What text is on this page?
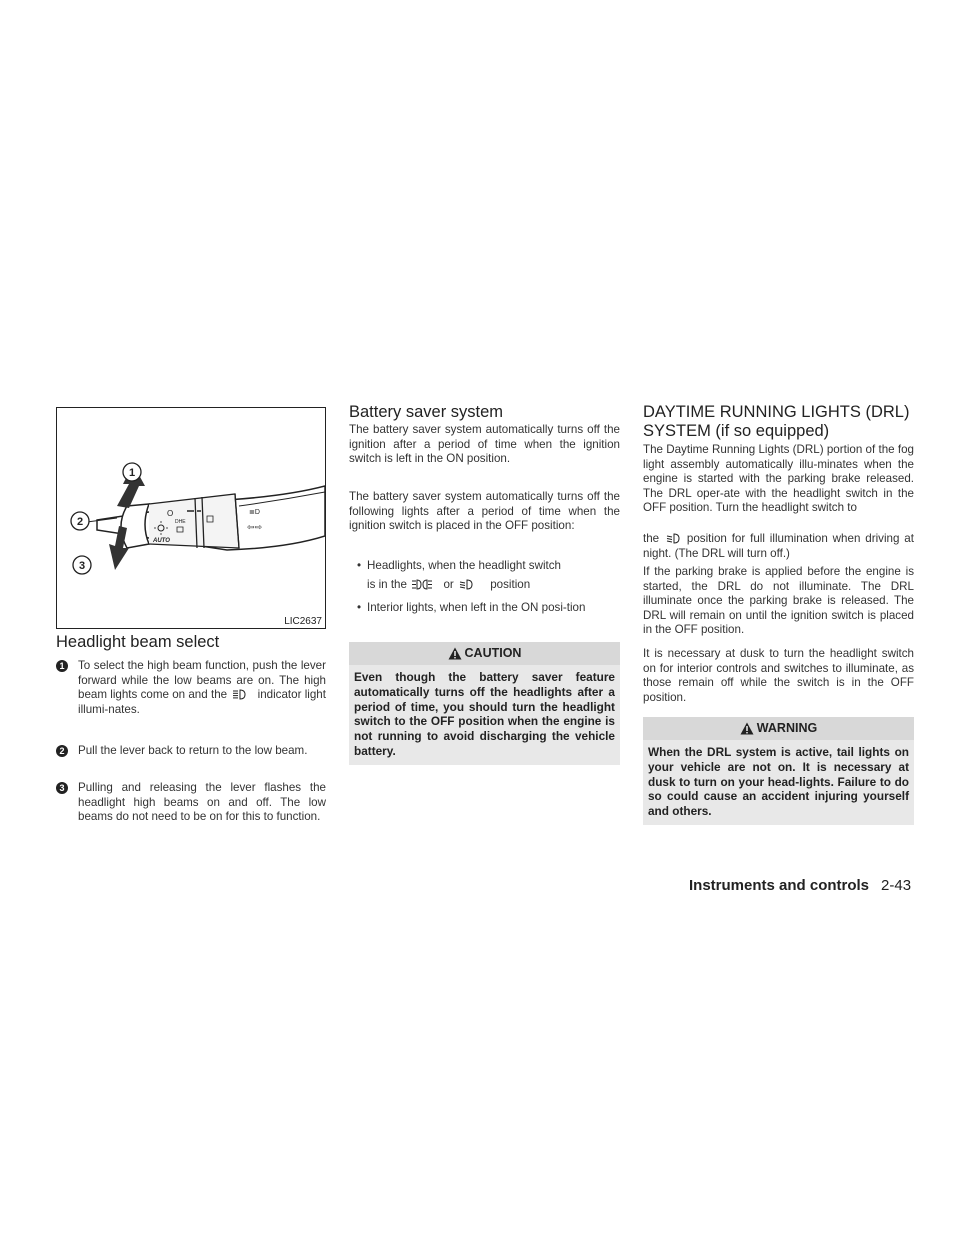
O
DHE
AUTO
≣D
⇦⇨
1
2
3
LIC2637
Headlight beam select
1	To select the high beam function, push the lever forward while the low beams are on. The high beam lights come on and the	indicator light illumi-nates.
2	Pull the lever back to return to the low beam.
3	Pulling and releasing the lever flashes the headlight high beams on and off. The low beams do not need to be on for this to function.
Battery saver system

The battery saver system automatically turns off the ignition after a period of time when the ignition switch is left in the ON position.

The battery saver system automatically turns off the following lights after a period of time when the ignition switch is placed in the OFF position:

• Headlights, when the headlight switch
is in the	or	position
• Interior lights, when left in the ON posi-tion
CAUTION
Even though the battery saver feature automatically turns off the headlights after a period of time, you should turn the headlight switch to the OFF position when the engine is not running to avoid discharging the vehicle battery.
DAYTIME RUNNING LIGHTS (DRL)
SYSTEM (if so equipped)

The Daytime Running Lights (DRL) portion of the fog light assembly automatically illu-minates when the engine is started with the parking brake released. The DRL oper-ate with the headlight switch in the OFF position. Turn the headlight switch to

the position for full illumination when driving at night. (The DRL will turn off.)

If the parking brake is applied before the engine is started, the DRL do not illuminate. The DRL illuminate once the parking brake is released. The DRL will remain on until the ignition switch is placed in the OFF position.

It is necessary at dusk to turn the headlight switch on for interior controls and switches to illuminate, as those remain off while the switch is in the OFF position.

WARNING
When the DRL system is active, tail lights on your vehicle are not on. It is necessary at dusk to turn on your head-lights. Failure to do so could cause an accident injuring yourself and others.
Instruments and controls 2-43
